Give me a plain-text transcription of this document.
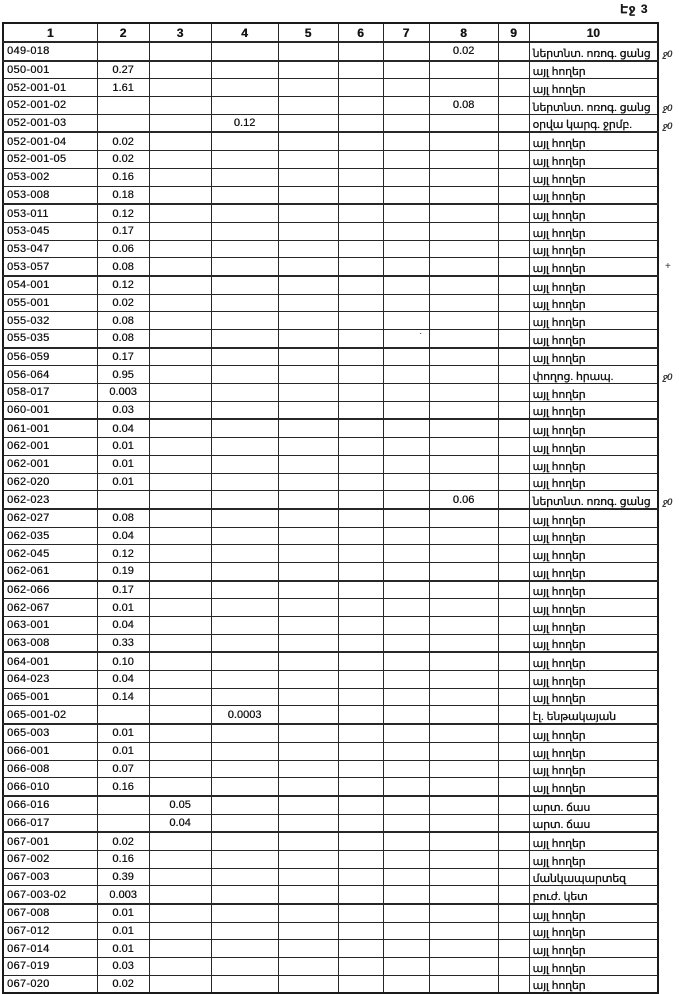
Էջ 3
1	2	3	4	5	6	7	8	9	10
049-018							0.02		ներտնտ. ոռոգ. ցանց ջ0

050-001	0.27								այլ հողեր
052-001-01	1.61								այլ հողեր
052-001-02							0.08		ներտնտ. ոռոգ. ցանց ջ0

052-001-03			0.12						օրվա կարգ. ջրմբ. ջ0

052-001-04	0.02								այլ հողեր
052-001-05	0.02								այլ հողեր
053-002	0.16								այլ հողեր
053-008	0.18								այլ հողեր
053-011	0.12								այլ հողեր
053-045	0.17								այլ հողեր
053-047	0.06								այլ հողեր
053-057	0.08								այլ հողեր
054-001	0.12								այլ հողեր
055-001	0.02								այլ հողեր
055-032	0.08								այլ հողեր
055-035	0.08								այլ հողեր
056-059	0.17								այլ հողեր
056-064	0.95								փողոց. հրապ. ջ0

058-017	0.003								այլ հողեր
060-001	0.03								այլ հողեր
061-001	0.04								այլ հողեր
062-001	0.01								այլ հողեր
062-001	0.01								այլ հողեր
062-020	0.01								այլ հողեր
062-023							0.06		ներտնտ. ոռոգ. ցանց ջ0

062-027	0.08								այլ հողեր
062-035	0.04								այլ հողեր
062-045	0.12								այլ հողեր
062-061	0.19								այլ հողեր
062-066	0.17								այլ հողեր
062-067	0.01								այլ հողեր
063-001	0.04								այլ հողեր
063-008	0.33								այլ հողեր
064-001	0.10								այլ հողեր
064-023	0.04								այլ հողեր
065-001	0.14								այլ հողեր
065-001-02			0.0003						էլ. ենթակայան
065-003	0.01								այլ հողեր
066-001	0.01								այլ հողեր
066-008	0.07								այլ հողեր
066-010	0.16								այլ հողեր
066-016		0.05							արտ. ճաս
066-017		0.04							արտ. ճաս
067-001	0.02								այլ հողեր
067-002	0.16								այլ հողեր
067-003	0.39								մանկապարտեզ
067-003-02	0.003								բուժ. կետ
067-008	0.01								այլ հողեր
067-012	0.01								այլ հողեր
067-014	0.01								այլ հողեր
067-019	0.03								այլ հողեր
067-020	0.02								այլ հողեր
+
·
